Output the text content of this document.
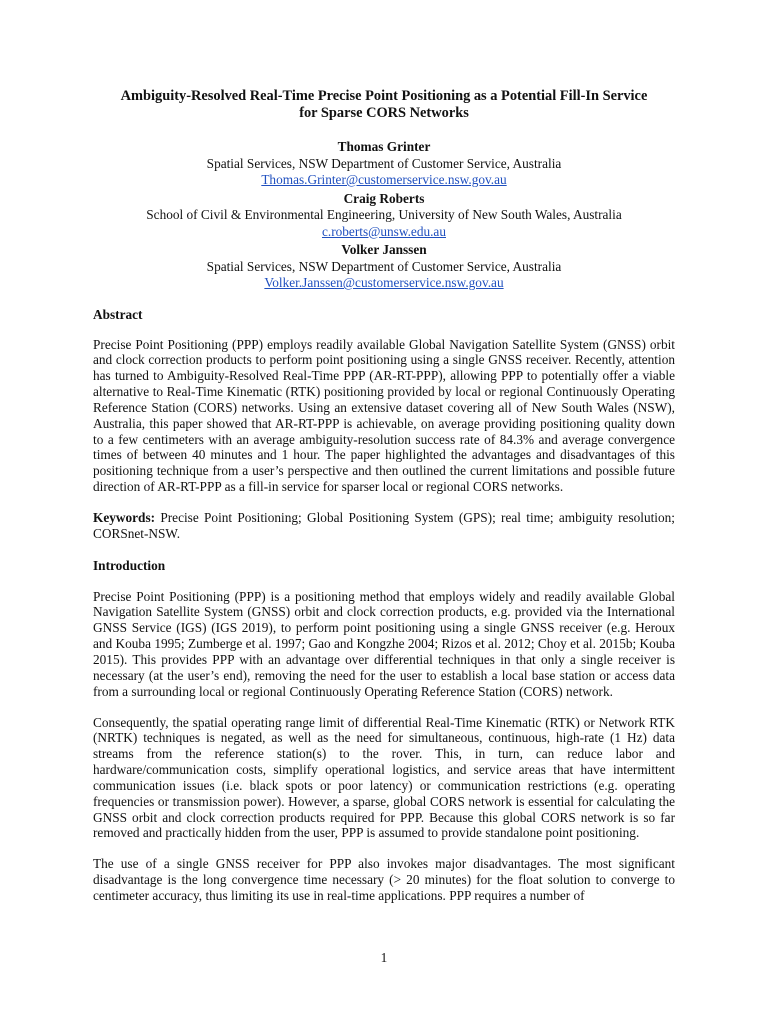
Ambiguity-Resolved Real-Time Precise Point Positioning as a Potential Fill-In Service
for Sparse CORS Networks
Thomas Grinter
Spatial Services, NSW Department of Customer Service, Australia
Thomas.Grinter@customerservice.nsw.gov.au
Craig Roberts
School of Civil & Environmental Engineering, University of New South Wales, Australia
c.roberts@unsw.edu.au
Volker Janssen
Spatial Services, NSW Department of Customer Service, Australia
Volker.Janssen@customerservice.nsw.gov.au
Abstract

Precise Point Positioning (PPP) employs readily available Global Navigation Satellite System (GNSS) orbit and clock correction products to perform point positioning using a single GNSS receiver. Recently, attention has turned to Ambiguity-Resolved Real-Time PPP (AR-RT-PPP), allowing PPP to potentially offer a viable alternative to Real-Time Kinematic (RTK) positioning provided by local or regional Continuously Operating Reference Station (CORS) networks. Using an extensive dataset covering all of New South Wales (NSW), Australia, this paper showed that AR-RT-PPP is achievable, on average providing positioning quality down to a few centimeters with an average ambiguity-resolution success rate of 84.3% and average convergence times of between 40 minutes and 1 hour. The paper highlighted the advantages and disadvantages of this positioning technique from a user’s perspective and then outlined the current limitations and possible future direction of AR-RT-PPP as a fill-in service for sparser local or regional CORS networks.

Keywords: Precise Point Positioning; Global Positioning System (GPS); real time; ambiguity resolution; CORSnet-NSW.

Introduction

Precise Point Positioning (PPP) is a positioning method that employs widely and readily available Global Navigation Satellite System (GNSS) orbit and clock correction products, e.g. provided via the International GNSS Service (IGS) (IGS 2019), to perform point positioning using a single GNSS receiver (e.g. Heroux and Kouba 1995; Zumberge et al. 1997; Gao and Kongzhe 2004; Rizos et al. 2012; Choy et al. 2015b; Kouba 2015). This provides PPP with an advantage over differential techniques in that only a single receiver is necessary (at the user’s end), removing the need for the user to establish a local base station or access data from a surrounding local or regional Continuously Operating Reference Station (CORS) network.

Consequently, the spatial operating range limit of differential Real-Time Kinematic (RTK) or Network RTK (NRTK) techniques is negated, as well as the need for simultaneous, continuous, high-rate (1 Hz) data streams from the reference station(s) to the rover. This, in turn, can reduce labor and hardware/communication costs, simplify operational logistics, and service areas that have intermittent communication issues (i.e. black spots or poor latency) or communication restrictions (e.g. operating frequencies or transmission power). However, a sparse, global CORS network is essential for calculating the GNSS orbit and clock correction products required for PPP. Because this global CORS network is so far removed and practically hidden from the user, PPP is assumed to provide standalone point positioning.

The use of a single GNSS receiver for PPP also invokes major disadvantages. The most significant disadvantage is the long convergence time necessary (> 20 minutes) for the float solution to converge to centimeter accuracy, thus limiting its use in real-time applications. PPP requires a number of

1
